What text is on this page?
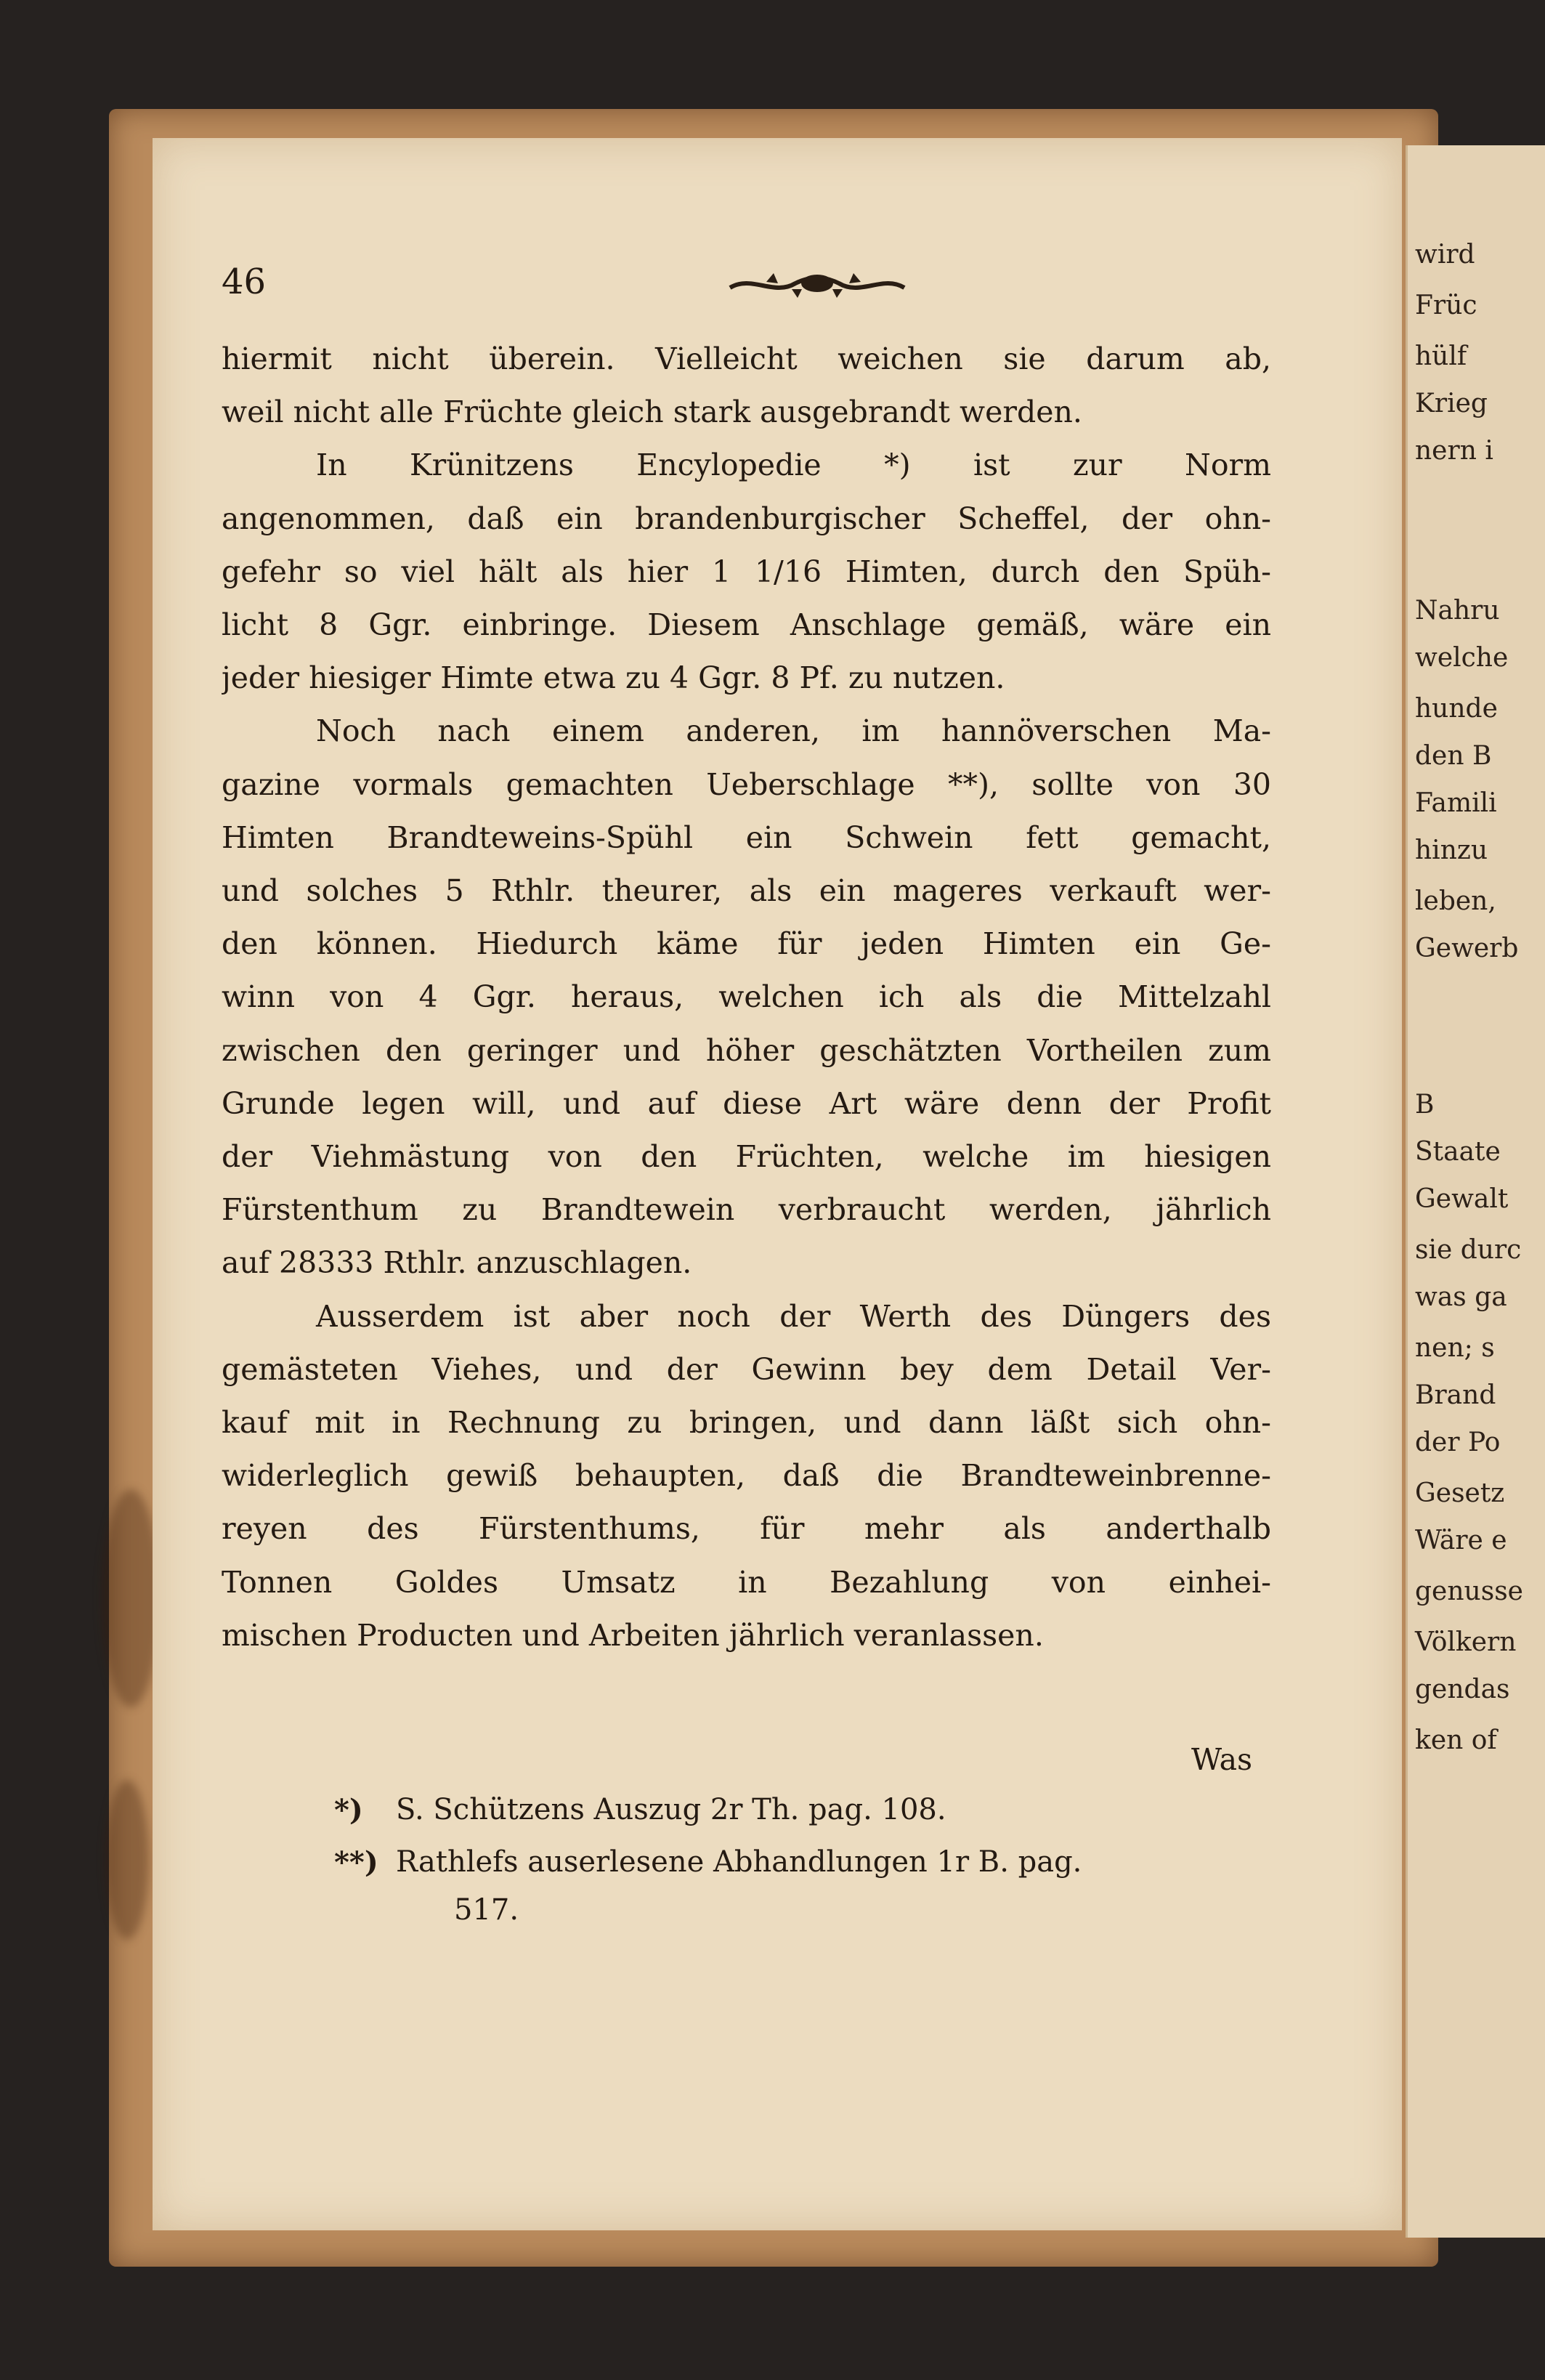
wird
Früc
hülf
Krieg
nern i
Nahru
welche
hunde
den B
Famili
hinzu
leben,
Gewerb
B
Staate
Gewalt
sie durc
was ga
nen; s
Brand
der Po
Gesetz
Wäre e
genusse
Völkern
gendas
ken of
46
hiermit nicht überein. Vielleicht weichen sie darum ab,
weil nicht alle Früchte gleich stark ausgebrandt werden.
In Krünitzens Encylopedie *) ist zur Norm
angenommen, daß ein brandenburgischer Scheffel, der ohn-
gefehr so viel hält als hier 1 1/16 Himten, durch den Spüh-
licht 8 Ggr. einbringe. Diesem Anschlage gemäß, wäre ein
jeder hiesiger Himte etwa zu 4 Ggr. 8 Pf. zu nutzen.
Noch nach einem anderen, im hannöverschen Ma-
gazine vormals gemachten Ueberschlage **), sollte von 30
Himten Brandteweins-Spühl ein Schwein fett gemacht,
und solches 5 Rthlr. theurer, als ein mageres verkauft wer-
den können. Hiedurch käme für jeden Himten ein Ge-
winn von 4 Ggr. heraus, welchen ich als die Mittelzahl
zwischen den geringer und höher geschätzten Vortheilen zum
Grunde legen will, und auf diese Art wäre denn der Profit
der Viehmästung von den Früchten, welche im hiesigen
Fürstenthum zu Brandtewein verbraucht werden, jährlich
auf 28333 Rthlr. anzuschlagen.
Ausserdem ist aber noch der Werth des Düngers des
gemästeten Viehes, und der Gewinn bey dem Detail Ver-
kauf mit in Rechnung zu bringen, und dann läßt sich ohn-
widerleglich gewiß behaupten, daß die Brandteweinbrenne-
reyen des Fürstenthums, für mehr als anderthalb
Tonnen Goldes Umsatz in Bezahlung von einhei-
mischen Producten und Arbeiten jährlich veranlassen.
Was
*) S. Schützens Auszug 2r Th. pag. 108.
**) Rathlefs auserlesene Abhandlungen 1r B. pag.
517.
